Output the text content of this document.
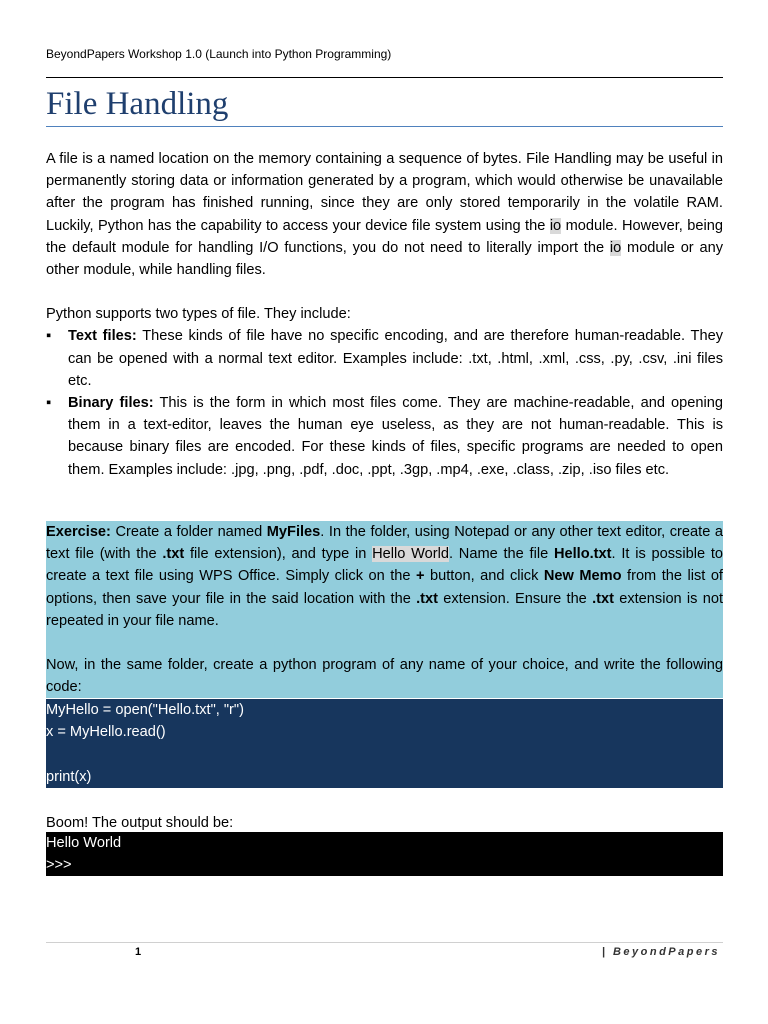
BeyondPapers Workshop 1.0 (Launch into Python Programming)
File Handling

A file is a named location on the memory containing a sequence of bytes. File Handling may be useful in permanently storing data or information generated by a program, which would otherwise be unavailable after the program has finished running, since they are only stored temporarily in the volatile RAM. Luckily, Python has the capability to access your device file system using the io module. However, being the default module for handling I/O functions, you do not need to literally import the io module or any other module, while handling files.

Python supports two types of file. They include:

▪ Text files: These kinds of file have no specific encoding, and are therefore human-readable. They can be opened with a normal text editor. Examples include: .txt, .html, .xml, .css, .py, .csv, .ini files etc.
▪ Binary files: This is the form in which most files come. They are machine-readable, and opening them in a text-editor, leaves the human eye useless, as they are not human-readable. This is because binary files are encoded. For these kinds of files, specific programs are needed to open them. Examples include: .jpg, .png, .pdf, .doc, .ppt, .3gp, .mp4, .exe, .class, .zip, .iso files etc.

Exercise: Create a folder named MyFiles. In the folder, using Notepad or any other text editor, create a text file (with the .txt file extension), and type in Hello World. Name the file Hello.txt. It is possible to create a text file using WPS Office. Simply click on the + button, and click New Memo from the list of options, then save your file in the said location with the .txt extension. Ensure the .txt extension is not repeated in your file name.

Now, in the same folder, create a python program of any name of your choice, and write the following code:

MyHello = open("Hello.txt", "r")
x = MyHello.read()
print(x)
Boom! The output should be:
Hello World
>>>
1	| BeyondPapers
